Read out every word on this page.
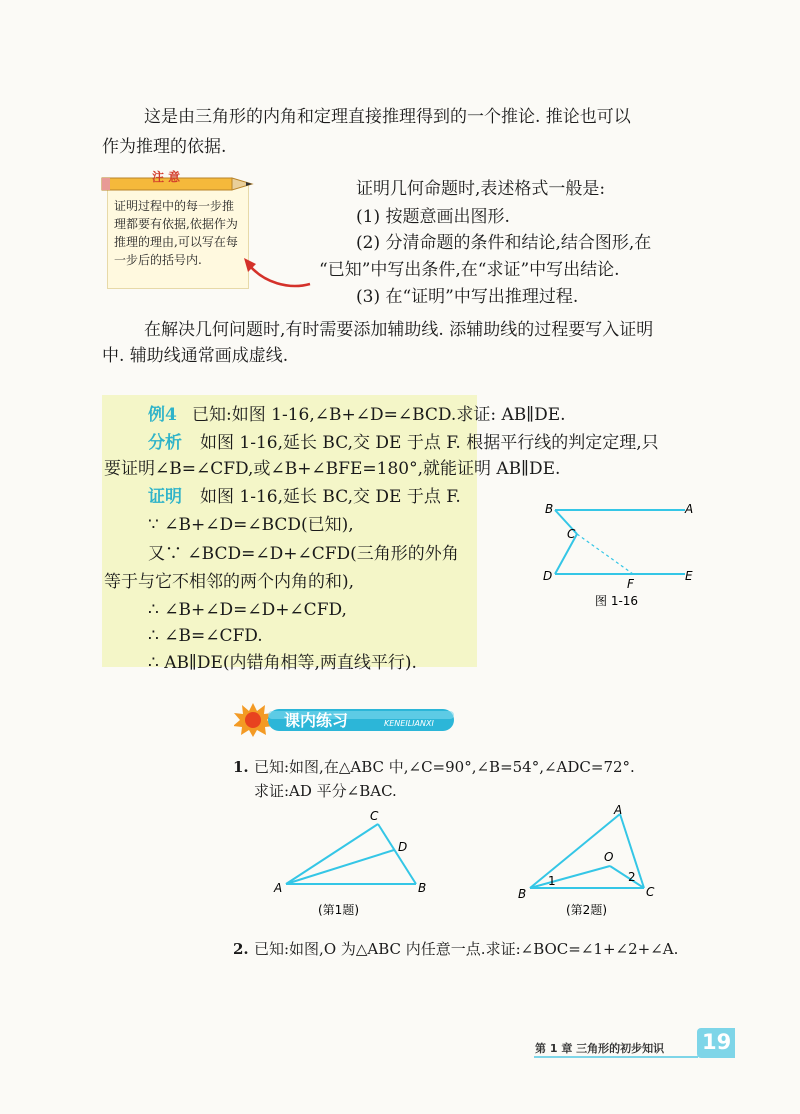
这是由三角形的内角和定理直接推理得到的一个推论. 推论也可以
作为推理的依据.
注 意
证明过程中的每一步推理都要有依据,依据作为推理的理由,可以写在每一步后的括号内.
证明几何命题时,表述格式一般是:
(1) 按题意画出图形.
(2) 分清命题的条件和结论,结合图形,在
“已知”中写出条件,在“求证”中写出结论.
(3) 在“证明”中写出推理过程.
在解决几何问题时,有时需要添加辅助线. 添辅助线的过程要写入证明
中. 辅助线通常画成虚线.
例4 已知:如图 1-16,∠B+∠D=∠BCD.求证: AB∥DE.
分析 如图 1-16,延长 BC,交 DE 于点 F. 根据平行线的判定定理,只
要证明∠B=∠CFD,或∠B+∠BFE=180°,就能证明 AB∥DE.
证明 如图 1-16,延长 BC,交 DE 于点 F.
∵ ∠B+∠D=∠BCD(已知),
又∵ ∠BCD=∠D+∠CFD(三角形的外角
等于与它不相邻的两个内角的和),
∴ ∠B+∠D=∠D+∠CFD,
∴ ∠B=∠CFD.
∴ AB∥DE(内错角相等,两直线平行).
B	A
C
D
F
E
图 1-16
课内练习	KENEILIANXI
1. 已知:如图,在△ABC 中,∠C=90°,∠B=54°,∠ADC=72°.
求证:AD 平分∠BAC.
A	B
C
D
(第1题)
A
B	C
O
1	2
(第2题)
2. 已知:如图,O 为△ABC 内任意一点.求证:∠BOC=∠1+∠2+∠A.
第 1 章 三角形的初步知识 19
